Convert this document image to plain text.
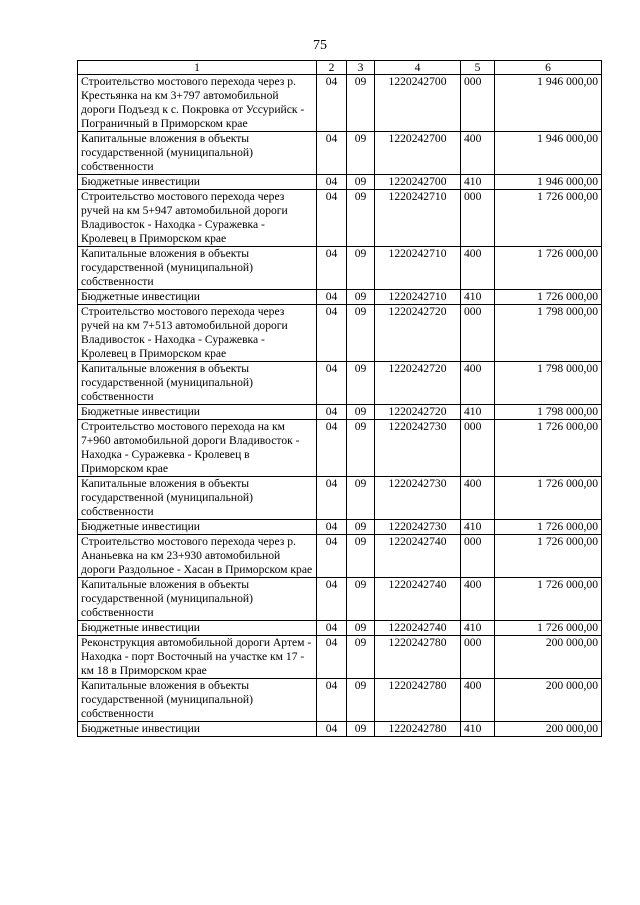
75
1	2	3	4	5	6
Строительство мостового перехода через р. Крестьянка на км 3+797 автомобильной дороги Подъезд к с. Покровка от Уссурийск - Пограничный в Приморском крае	04	09	1220242700	000	1 946 000,00
Капитальные вложения в объекты государственной (муниципальной) собственности	04	09	1220242700	400	1 946 000,00
Бюджетные инвестиции	04	09	1220242700	410	1 946 000,00
Строительство мостового перехода через ручей на км 5+947 автомобильной дороги Владивосток - Находка - Суражевка - Кролевец в Приморском крае	04	09	1220242710	000	1 726 000,00
Капитальные вложения в объекты государственной (муниципальной) собственности	04	09	1220242710	400	1 726 000,00
Бюджетные инвестиции	04	09	1220242710	410	1 726 000,00
Строительство мостового перехода через ручей на км 7+513 автомобильной дороги Владивосток - Находка - Суражевка - Кролевец в Приморском крае	04	09	1220242720	000	1 798 000,00
Капитальные вложения в объекты государственной (муниципальной) собственности	04	09	1220242720	400	1 798 000,00
Бюджетные инвестиции	04	09	1220242720	410	1 798 000,00
Строительство мостового перехода на км 7+960 автомобильной дороги Владивосток - Находка - Суражевка - Кролевец в Приморском крае	04	09	1220242730	000	1 726 000,00
Капитальные вложения в объекты государственной (муниципальной) собственности	04	09	1220242730	400	1 726 000,00
Бюджетные инвестиции	04	09	1220242730	410	1 726 000,00
Строительство мостового перехода через р. Ананьевка на км 23+930 автомобильной дороги Раздольное - Хасан в Приморском крае	04	09	1220242740	000	1 726 000,00
Капитальные вложения в объекты государственной (муниципальной) собственности	04	09	1220242740	400	1 726 000,00
Бюджетные инвестиции	04	09	1220242740	410	1 726 000,00
Реконструкция автомобильной дороги Артем - Находка - порт Восточный на участке км 17 - км 18 в Приморском крае	04	09	1220242780	000	200 000,00
Капитальные вложения в объекты государственной (муниципальной) собственности	04	09	1220242780	400	200 000,00
Бюджетные инвестиции	04	09	1220242780	410	200 000,00
